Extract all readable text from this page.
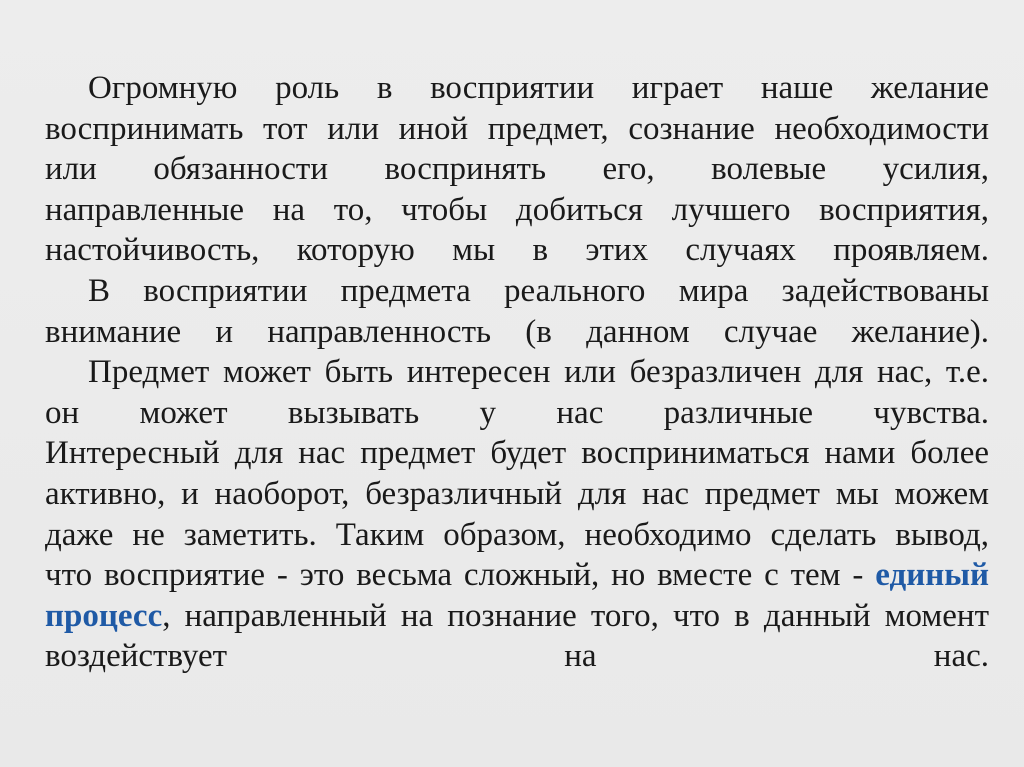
Огромную роль в восприятии играет наше желание
воспринимать тот или иной предмет, сознание необходимости
или обязанности воспринять его, волевые усилия,
направленные на то, чтобы добиться лучшего восприятия,
настойчивость, которую мы в этих случаях проявляем.
В восприятии предмета реального мира задействованы
внимание и направленность (в данном случае желание).
Предмет может быть интересен или безразличен для нас, т.е.
он может вызывать у нас различные чувства.
Интересный для нас предмет будет восприниматься нами более
активно, и наоборот, безразличный для нас предмет мы можем
даже не заметить. Таким образом, необходимо сделать вывод,
что восприятие - это весьма сложный, но вместе с тем - единый
процесс, направленный на познание того, что в данный момент
воздействует на нас.
